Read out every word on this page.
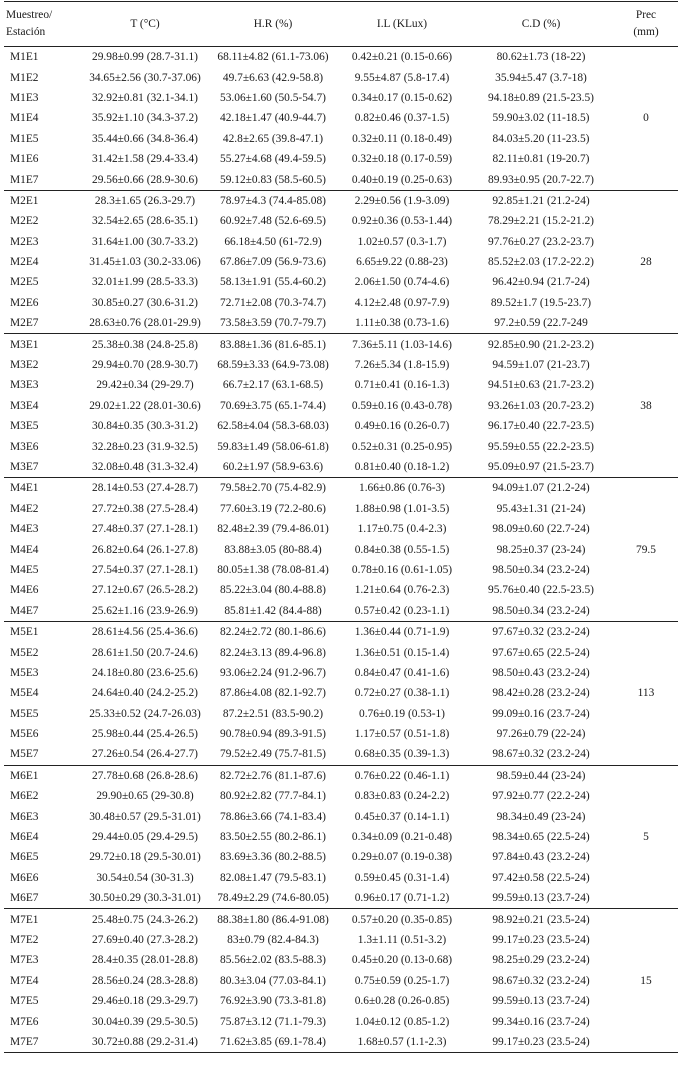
Muestreo/
Estación	T (°C)	H.R (%)	I.L (KLux)	C.D (%)	Prec
(mm)
M1E1	29.98±0.99 (28.7-31.1)	68.11±4.82 (61.1-73.06)	0.42±0.21 (0.15-0.66)	80.62±1.73 (18-22)	0
M1E2	34.65±2.56 (30.7-37.06)	49.7±6.63 (42.9-58.8)	9.55±4.87 (5.8-17.4)	35.94±5.47 (3.7-18)	
M1E3	32.92±0.81 (32.1-34.1)	53.06±1.60 (50.5-54.7)	0.34±0.17 (0.15-0.62)	94.18±0.89 (21.5-23.5)	
M1E4	35.92±1.10 (34.3-37.2)	42.18±1.47 (40.9-44.7)	0.82±0.46 (0.37-1.5)	59.90±3.02 (11-18.5)	
M1E5	35.44±0.66 (34.8-36.4)	42.8±2.65 (39.8-47.1)	0.32±0.11 (0.18-0.49)	84.03±5.20 (11-23.5)	
M1E6	31.42±1.58 (29.4-33.4)	55.27±4.68 (49.4-59.5)	0.32±0.18 (0.17-0.59)	82.11±0.81 (19-20.7)	
M1E7	29.56±0.66 (28.9-30.6)	59.12±0.83 (58.5-60.5)	0.40±0.19 (0.25-0.63)	89.93±0.95 (20.7-22.7)	
M2E1	28.3±1.65 (26.3-29.7)	78.97±4.3 (74.4-85.08)	2.29±0.56 (1.9-3.09)	92.85±1.21 (21.2-24)	28
M2E2	32.54±2.65 (28.6-35.1)	60.92±7.48 (52.6-69.5)	0.92±0.36 (0.53-1.44)	78.29±2.21 (15.2-21.2)	
M2E3	31.64±1.00 (30.7-33.2)	66.18±4.50 (61-72.9)	1.02±0.57 (0.3-1.7)	97.76±0.27 (23.2-23.7)	
M2E4	31.45±1.03 (30.2-33.06)	67.86±7.09 (56.9-73.6)	6.65±9.22 (0.88-23)	85.52±2.03 (17.2-22.2)	
M2E5	32.01±1.99 (28.5-33.3)	58.13±1.91 (55.4-60.2)	2.06±1.50 (0.74-4.6)	96.42±0.94 (21.7-24)	
M2E6	30.85±0.27 (30.6-31.2)	72.71±2.08 (70.3-74.7)	4.12±2.48 (0.97-7.9)	89.52±1.7 (19.5-23.7)	
M2E7	28.63±0.76 (28.01-29.9)	73.58±3.59 (70.7-79.7)	1.11±0.38 (0.73-1.6)	97.2±0.59 (22.7-249	
M3E1	25.38±0.38 (24.8-25.8)	83.88±1.36 (81.6-85.1)	7.36±5.11 (1.03-14.6)	92.85±0.90 (21.2-23.2)	38
M3E2	29.94±0.70 (28.9-30.7)	68.59±3.33 (64.9-73.08)	7.26±5.34 (1.8-15.9)	94.59±1.07 (21-23.7)	
M3E3	29.42±0.34 (29-29.7)	66.7±2.17 (63.1-68.5)	0.71±0.41 (0.16-1.3)	94.51±0.63 (21.7-23.2)	
M3E4	29.02±1.22 (28.01-30.6)	70.69±3.75 (65.1-74.4)	0.59±0.16 (0.43-0.78)	93.26±1.03 (20.7-23.2)	
M3E5	30.84±0.35 (30.3-31.2)	62.58±4.04 (58.3-68.03)	0.49±0.16 (0.26-0.7)	96.17±0.40 (22.7-23.5)	
M3E6	32.28±0.23 (31.9-32.5)	59.83±1.49 (58.06-61.8)	0.52±0.31 (0.25-0.95)	95.59±0.55 (22.2-23.5)	
M3E7	32.08±0.48 (31.3-32.4)	60.2±1.97 (58.9-63.6)	0.81±0.40 (0.18-1.2)	95.09±0.97 (21.5-23.7)	
M4E1	28.14±0.53 (27.4-28.7)	79.58±2.70 (75.4-82.9)	1.66±0.86 (0.76-3)	94.09±1.07 (21.2-24)	79.5
M4E2	27.72±0.38 (27.5-28.4)	77.60±3.19 (72.2-80.6)	1.88±0.98 (1.01-3.5)	95.43±1.31 (21-24)	
M4E3	27.48±0.37 (27.1-28.1)	82.48±2.39 (79.4-86.01)	1.17±0.75 (0.4-2.3)	98.09±0.60 (22.7-24)	
M4E4	26.82±0.64 (26.1-27.8)	83.88±3.05 (80-88.4)	0.84±0.38 (0.55-1.5)	98.25±0.37 (23-24)	
M4E5	27.54±0.37 (27.1-28.1)	80.05±1.38 (78.08-81.4)	0.78±0.16 (0.61-1.05)	98.50±0.34 (23.2-24)	
M4E6	27.12±0.67 (26.5-28.2)	85.22±3.04 (80.4-88.8)	1.21±0.64 (0.76-2.3)	95.76±0.40 (22.5-23.5)	
M4E7	25.62±1.16 (23.9-26.9)	85.81±1.42 (84.4-88)	0.57±0.42 (0.23-1.1)	98.50±0.34 (23.2-24)	
M5E1	28.61±4.56 (25.4-36.6)	82.24±2.72 (80.1-86.6)	1.36±0.44 (0.71-1.9)	97.67±0.32 (23.2-24)	113
M5E2	28.61±1.50 (20.7-24.6)	82.24±3.13 (89.4-96.8)	1.36±0.51 (0.15-1.4)	97.67±0.65 (22.5-24)	
M5E3	24.18±0.80 (23.6-25.6)	93.06±2.24 (91.2-96.7)	0.84±0.47 (0.41-1.6)	98.50±0.43 (23.2-24)	
M5E4	24.64±0.40 (24.2-25.2)	87.86±4.08 (82.1-92.7)	0.72±0.27 (0.38-1.1)	98.42±0.28 (23.2-24)	
M5E5	25.33±0.52 (24.7-26.03)	87.2±2.51 (83.5-90.2)	0.76±0.19 (0.53-1)	99.09±0.16 (23.7-24)	
M5E6	25.98±0.44 (25.4-26.5)	90.78±0.94 (89.3-91.5)	1.17±0.57 (0.51-1.8)	97.26±0.79 (22-24)	
M5E7	27.26±0.54 (26.4-27.7)	79.52±2.49 (75.7-81.5)	0.68±0.35 (0.39-1.3)	98.67±0.32 (23.2-24)	
M6E1	27.78±0.68 (26.8-28.6)	82.72±2.76 (81.1-87.6)	0.76±0.22 (0.46-1.1)	98.59±0.44 (23-24)	5
M6E2	29.90±0.65 (29-30.8)	80.92±2.82 (77.7-84.1)	0.83±0.83 (0.24-2.2)	97.92±0.77 (22.2-24)	
M6E3	30.48±0.57 (29.5-31.01)	78.86±3.66 (74.1-83.4)	0.45±0.37 (0.14-1.1)	98.34±0.49 (23-24)	
M6E4	29.44±0.05 (29.4-29.5)	83.50±2.55 (80.2-86.1)	0.34±0.09 (0.21-0.48)	98.34±0.65 (22.5-24)	
M6E5	29.72±0.18 (29.5-30.01)	83.69±3.36 (80.2-88.5)	0.29±0.07 (0.19-0.38)	97.84±0.43 (23.2-24)	
M6E6	30.54±0.54 (30-31.3)	82.08±1.47 (79.5-83.1)	0.59±0.45 (0.31-1.4)	97.42±0.58 (22.5-24)	
M6E7	30.50±0.29 (30.3-31.01)	78.49±2.29 (74.6-80.05)	0.96±0.17 (0.71-1.2)	99.59±0.13 (23.7-24)	
M7E1	25.48±0.75 (24.3-26.2)	88.38±1.80 (86.4-91.08)	0.57±0.20 (0.35-0.85)	98.92±0.21 (23.5-24)	15
M7E2	27.69±0.40 (27.3-28.2)	83±0.79 (82.4-84.3)	1.3±1.11 (0.51-3.2)	99.17±0.23 (23.5-24)	
M7E3	28.4±0.35 (28.01-28.8)	85.56±2.02 (83.5-88.3)	0.45±0.20 (0.13-0.68)	98.25±0.29 (23.2-24)	
M7E4	28.56±0.24 (28.3-28.8)	80.3±3.04 (77.03-84.1)	0.75±0.59 (0.25-1.7)	98.67±0.32 (23.2-24)	
M7E5	29.46±0.18 (29.3-29.7)	76.92±3.90 (73.3-81.8)	0.6±0.28 (0.26-0.85)	99.59±0.13 (23.7-24)	
M7E6	30.04±0.39 (29.5-30.5)	75.87±3.12 (71.1-79.3)	1.04±0.12 (0.85-1.2)	99.34±0.16 (23.7-24)	
M7E7	30.72±0.88 (29.2-31.4)	71.62±3.85 (69.1-78.4)	1.68±0.57 (1.1-2.3)	99.17±0.23 (23.5-24)	
